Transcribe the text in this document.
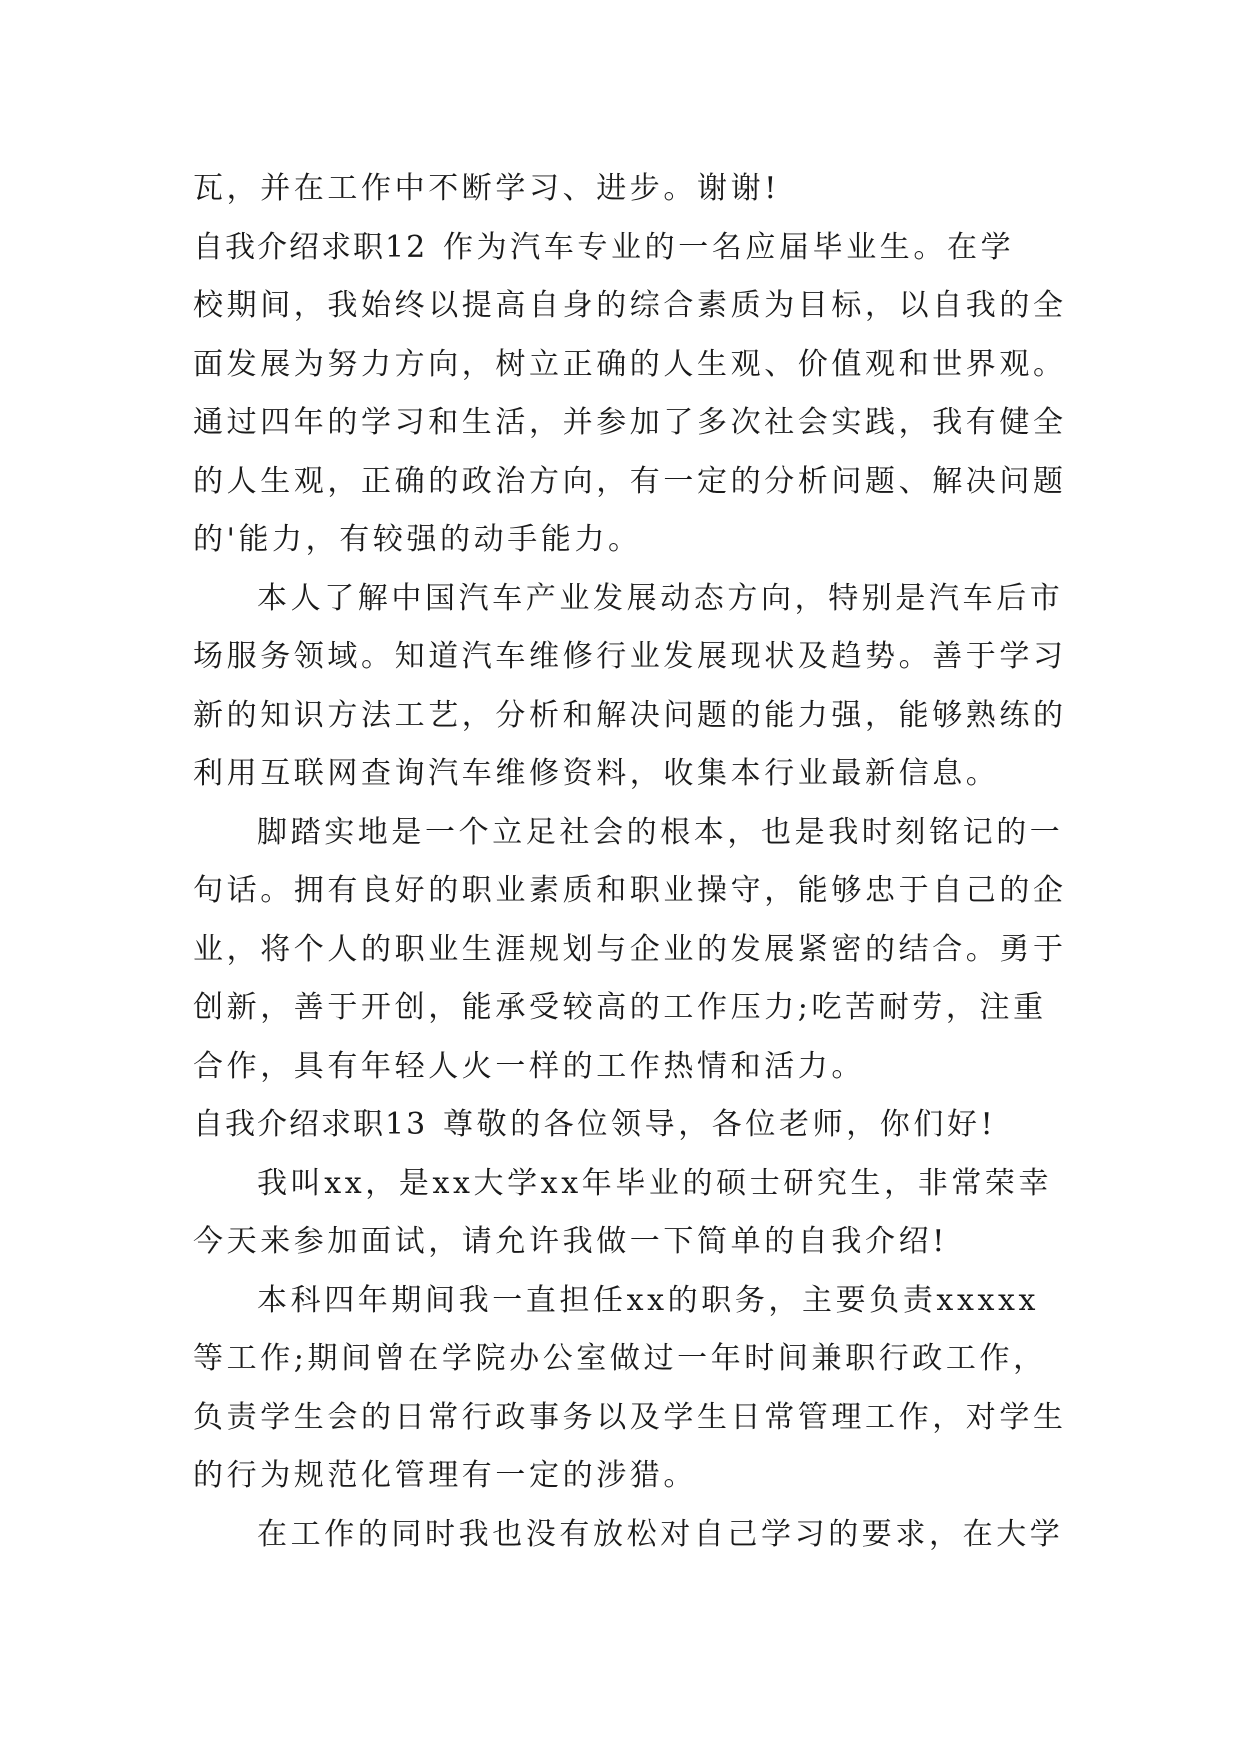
瓦，并在工作中不断学习、进步。谢谢!
自我介绍求职12 作为汽车专业的一名应届毕业生。在学
校期间，我始终以提高自身的综合素质为目标，以自我的全
面发展为努力方向，树立正确的人生观、价值观和世界观。
通过四年的学习和生活，并参加了多次社会实践，我有健全
的人生观，正确的政治方向，有一定的分析问题、解决问题
的'能力，有较强的动手能力。
本人了解中国汽车产业发展动态方向，特别是汽车后市
场服务领域。知道汽车维修行业发展现状及趋势。善于学习
新的知识方法工艺，分析和解决问题的能力强，能够熟练的
利用互联网查询汽车维修资料，收集本行业最新信息。
脚踏实地是一个立足社会的根本，也是我时刻铭记的一
句话。拥有良好的职业素质和职业操守，能够忠于自己的企
业，将个人的职业生涯规划与企业的发展紧密的结合。勇于
创新，善于开创，能承受较高的工作压力;吃苦耐劳，注重
合作，具有年轻人火一样的工作热情和活力。
自我介绍求职13 尊敬的各位领导，各位老师，你们好!
我叫xx，是xx大学xx年毕业的硕士研究生，非常荣幸
今天来参加面试，请允许我做一下简单的自我介绍!
本科四年期间我一直担任xx的职务，主要负责xxxxx
等工作;期间曾在学院办公室做过一年时间兼职行政工作，
负责学生会的日常行政事务以及学生日常管理工作，对学生
的行为规范化管理有一定的涉猎。
在工作的同时我也没有放松对自己学习的要求，在大学
